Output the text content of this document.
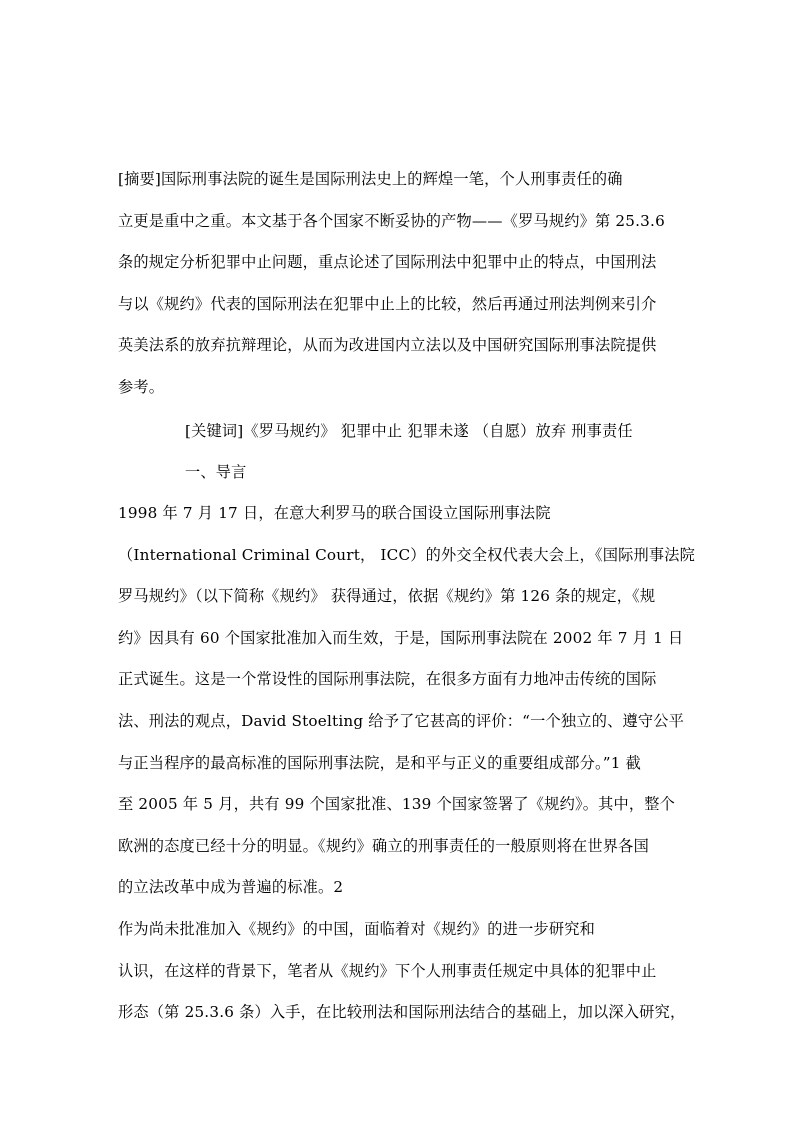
[摘要]国际刑事法院的诞生是国际刑法史上的辉煌一笔，个人刑事责任的确
立更是重中之重。本文基于各个国家不断妥协的产物——《罗马规约》第 25.3.6
条的规定分析犯罪中止问题，重点论述了国际刑法中犯罪中止的特点，中国刑法
与以《规约》代表的国际刑法在犯罪中止上的比较，然后再通过刑法判例来引介
英美法系的放弃抗辩理论，从而为改进国内立法以及中国研究国际刑事法院提供
参考。
[关键词]《罗马规约》 犯罪中止 犯罪未遂 （自愿）放弃 刑事责任
一、导言
1998 年 7 月 17 日，在意大利罗马的联合国设立国际刑事法院
（International Criminal Court， ICC）的外交全权代表大会上，《国际刑事法院
罗马规约》（以下简称《规约》 获得通过，依据《规约》第 126 条的规定，《规
约》因具有 60 个国家批准加入而生效，于是，国际刑事法院在 2002 年 7 月 1 日
正式诞生。这是一个常设性的国际刑事法院，在很多方面有力地冲击传统的国际
法、刑法的观点，David Stoelting 给予了它甚高的评价：“一个独立的、遵守公平
与正当程序的最高标准的国际刑事法院，是和平与正义的重要组成部分。”1 截
至 2005 年 5 月，共有 99 个国家批准、139 个国家签署了《规约》。其中，整个
欧洲的态度已经十分的明显。《规约》确立的刑事责任的一般原则将在世界各国
的立法改革中成为普遍的标准。2
作为尚未批准加入《规约》的中国，面临着对《规约》的进一步研究和
认识，在这样的背景下，笔者从《规约》下个人刑事责任规定中具体的犯罪中止
形态（第 25.3.6 条）入手，在比较刑法和国际刑法结合的基础上，加以深入研究，
